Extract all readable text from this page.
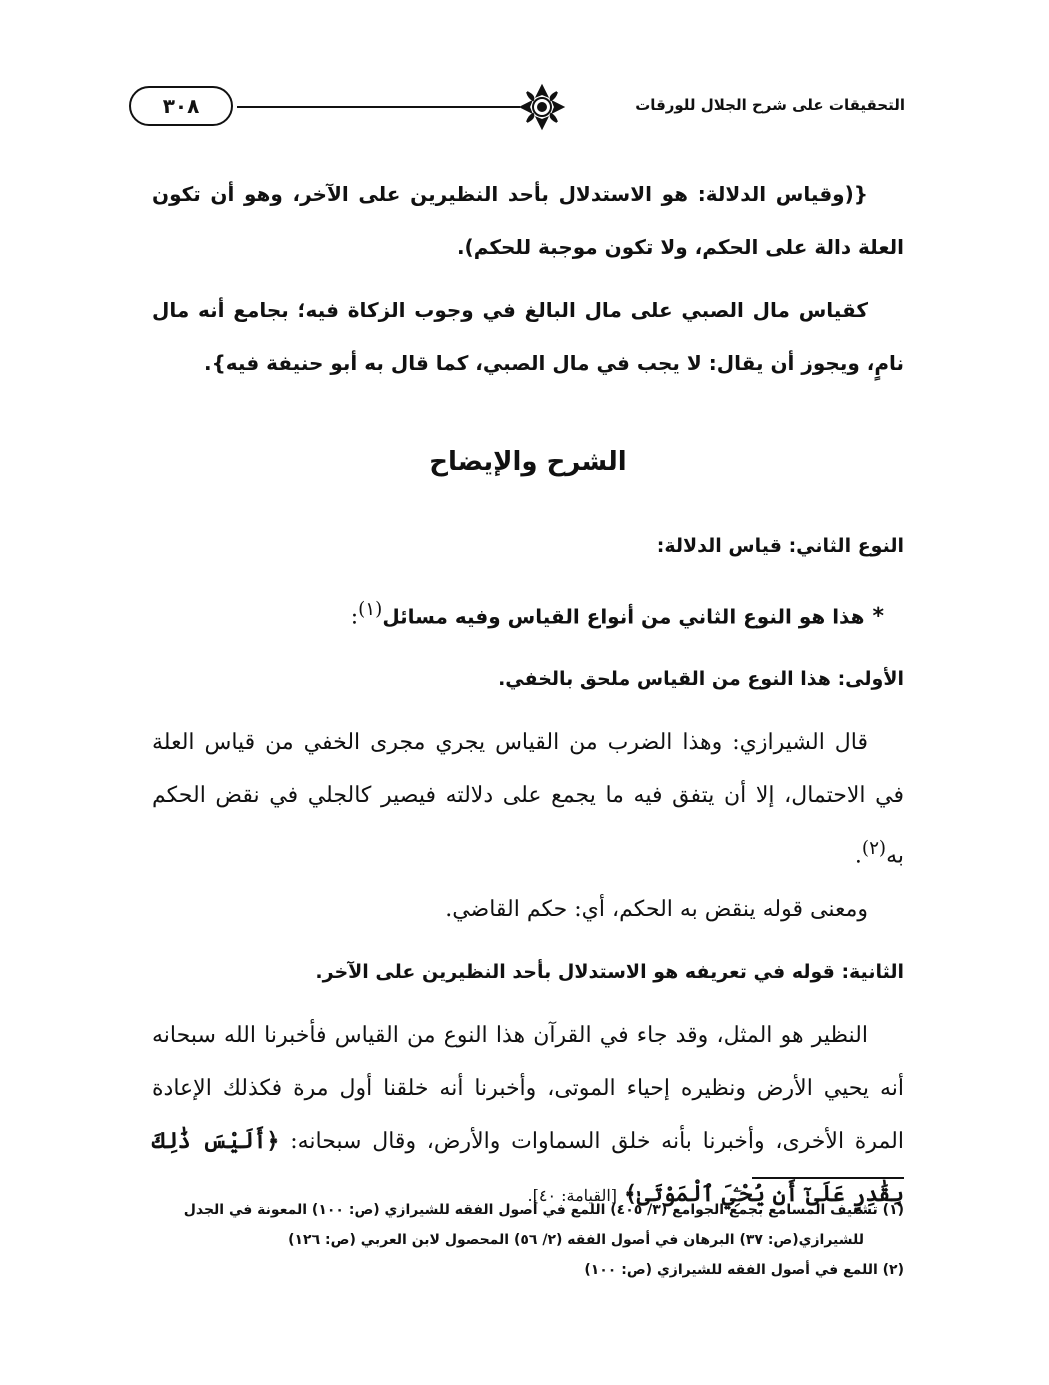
التحقيقات على شرح الجلال للورقات
٣٠٨

{(وقياس الدلالة: هو الاستدلال بأحد النظيرين على الآخر، وهو أن تكون العلة دالة على الحكم، ولا تكون موجبة للحكم).

كقياس مال الصبي على مال البالغ في وجوب الزكاة فيه؛ بجامع أنه مال نامٍ، ويجوز أن يقال: لا يجب في مال الصبي، كما قال به أبو حنيفة فيه}.

الشرح والإيضاح

النوع الثاني: قياس الدلالة:

*هذا هو النوع الثاني من أنواع القياس وفيه مسائل$^{(١)}$:

الأولى: هذا النوع من القياس ملحق بالخفي.

قال الشيرازي: وهذا الضرب من القياس يجري مجرى الخفي من قياس العلة في الاحتمال، إلا أن يتفق فيه ما يجمع على دلالته فيصير كالجلي في نقض الحكم به$^{(٢)}$.

ومعنى قوله ينقض به الحكم، أي: حكم القاضي.

الثانية: قوله في تعريفه هو الاستدلال بأحد النظيرين على الآخر.

النظير هو المثل، وقد جاء في القرآن هذا النوع من القياس فأخبرنا الله سبحانه أنه يحيي الأرض ونظيره إحياء الموتى، وأخبرنا أنه خلقنا أول مرة فكذلك الإعادة المرة الأخرى، وأخبرنا بأنه خلق السماوات والأرض، وقال سبحانه: ﴿أَلَيْسَ ذَٰلِكَ بِقَٰدِرٍ عَلَىٰٓ أَن يُحْـِۧيَ ٱلْمَوْتَىٰ﴾ [القيامة: ٤٠].

(١) تشنيف المسامع بجمع الجوامع (٣/ ٤٠٥) اللمع في أصول الفقه للشيرازي (ص: ١٠٠) المعونة في الجدل

للشيرازي(ص: ٣٧) البرهان في أصول الفقه (٢/ ٥٦) المحصول لابن العربي (ص: ١٢٦)

(٢) اللمع في أصول الفقه للشيرازي (ص: ١٠٠)
